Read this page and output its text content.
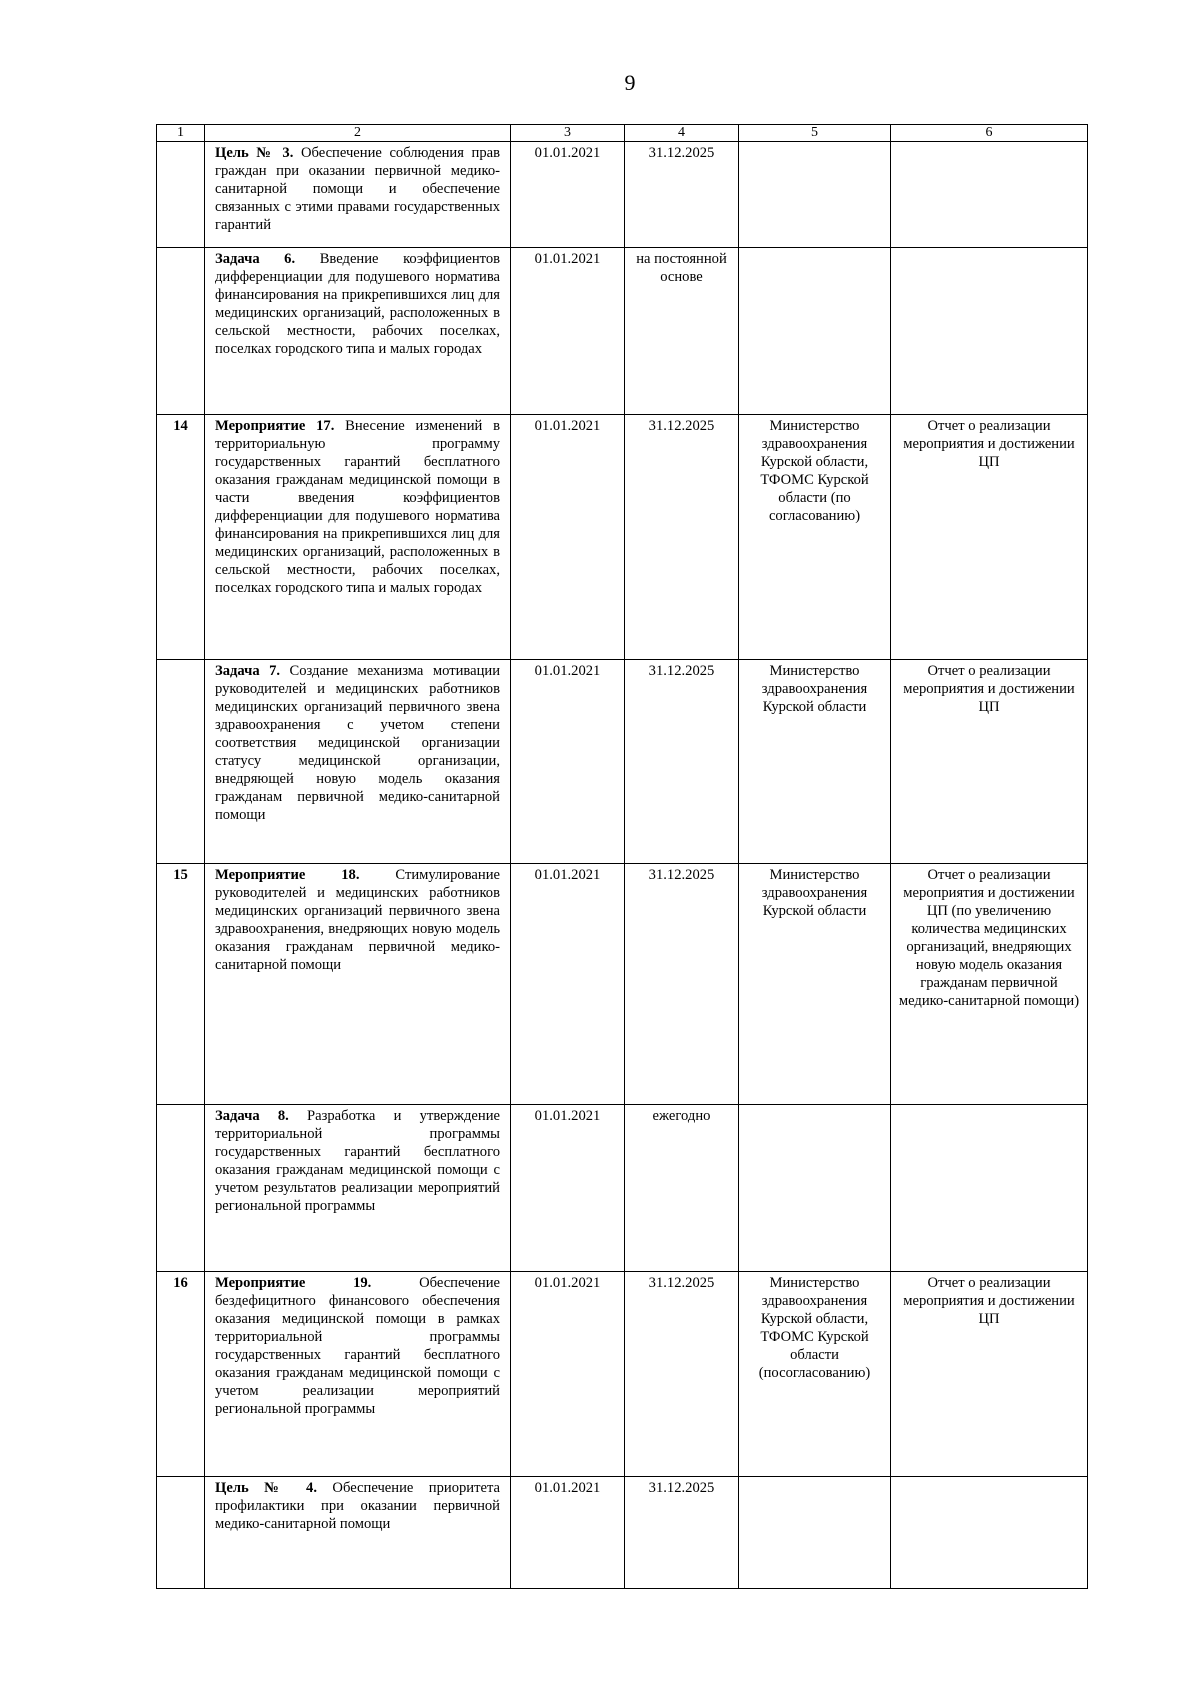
9
1	2	3	4	5	6
	Цель № 3. Обеспечение соблюдения прав граждан при оказании первичной медико-санитарной помощи и обеспечение связанных с этими правами государственных гарантий	01.01.2021	31.12.2025		
	Задача 6. Введение коэффициентов дифференциации для подушевого норматива финансирования на прикрепившихся лиц для медицинских организаций, расположенных в сельской местности, рабочих поселках, поселках городского типа и малых городах	01.01.2021	на постоянной основе		
14	Мероприятие 17. Внесение изменений в территориальную программу государственных гарантий бесплатного оказания гражданам медицинской помощи в части введения коэффициентов дифференциации для подушевого норматива финансирования на прикрепившихся лиц для медицинских организаций, расположенных в сельской местности, рабочих поселках, поселках городского типа и малых городах	01.01.2021	31.12.2025	Министерство здравоохранения Курской области, ТФОМС Курской области (по согласованию)	Отчет о реализации мероприятия и достижении ЦП
	Задача 7. Создание механизма мотивации руководителей и медицинских работников медицинских организаций первичного звена здравоохранения с учетом степени соответствия медицинской организации статусу медицинской организации, внедряющей новую модель оказания гражданам первичной медико-санитарной помощи	01.01.2021	31.12.2025	Министерство здравоохранения Курской области	Отчет о реализации мероприятия и достижении ЦП
15	Мероприятие 18. Стимулирование руководителей и медицинских работников медицинских организаций первичного звена здравоохранения, внедряющих новую модель оказания гражданам первичной медико-санитарной помощи	01.01.2021	31.12.2025	Министерство здравоохранения Курской области	Отчет о реализации мероприятия и достижении ЦП (по увеличению количества медицинских организаций, внедряющих новую модель оказания гражданам первичной медико-санитарной помощи)
	Задача 8. Разработка и утверждение территориальной программы государственных гарантий бесплатного оказания гражданам медицинской помощи с учетом результатов реализации мероприятий региональной программы	01.01.2021	ежегодно		
16	Мероприятие 19. Обеспечение бездефицитного финансового обеспечения оказания медицинской помощи в рамках территориальной программы государственных гарантий бесплатного оказания гражданам медицинской помощи с учетом реализации мероприятий региональной программы	01.01.2021	31.12.2025	Министерство здравоохранения Курской области, ТФОМС Курской области (посогласованию)	Отчет о реализации мероприятия и достижении ЦП
	Цель № 4. Обеспечение приоритета профилактики при оказании первичной медико-санитарной помощи	01.01.2021	31.12.2025		
